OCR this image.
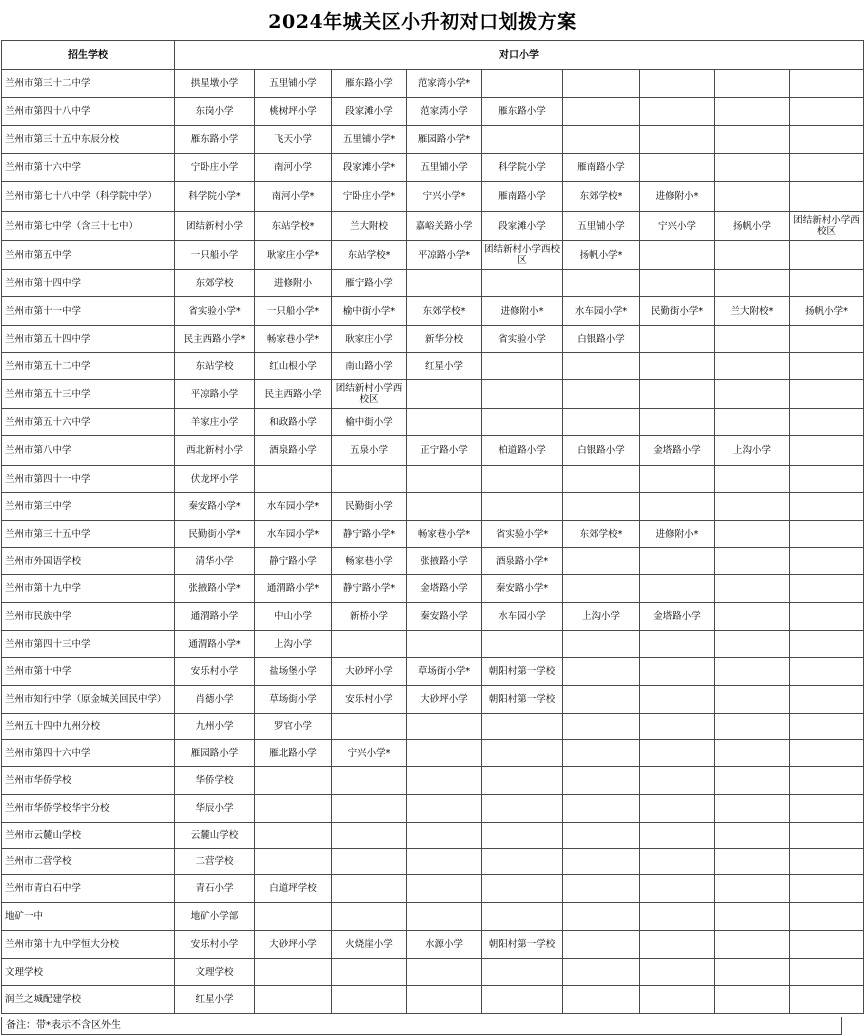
2024年城关区小升初对口划拨方案
招生学校	对口小学								
兰州市第三十二中学	拱星墩小学	五里铺小学	雁东路小学	范家湾小学*					
兰州市第四十八中学	东岗小学	桃树坪小学	段家滩小学	范家湾小学	雁东路小学				
兰州市第三十五中东辰分校	雁东路小学	飞天小学	五里铺小学*	雁园路小学*					
兰州市第十六中学	宁卧庄小学	南河小学	段家滩小学*	五里铺小学	科学院小学	雁南路小学			
兰州市第七十八中学（科学院中学）	科学院小学*	南河小学*	宁卧庄小学*	宁兴小学*	雁南路小学	东郊学校*	进修附小*		
兰州市第七中学（含三十七中）	团结新村小学	东站学校*	兰大附校	嘉峪关路小学	段家滩小学	五里铺小学	宁兴小学	扬帆小学	团结新村小学西校区
兰州市第五中学	一只船小学	耿家庄小学*	东站学校*	平凉路小学*	团结新村小学西校区	扬帆小学*			
兰州市第十四中学	东郊学校	进修附小	雁宁路小学						
兰州市第十一中学	省实验小学*	一只船小学*	榆中街小学*	东郊学校*	进修附小*	水车园小学*	民勤街小学*	兰大附校*	扬帆小学*
兰州市第五十四中学	民主西路小学*	畅家巷小学*	耿家庄小学	新华分校	省实验小学	白银路小学			
兰州市第五十二中学	东站学校	红山根小学	南山路小学	红星小学					
兰州市第五十三中学	平凉路小学	民主西路小学	团结新村小学西校区						
兰州市第五十六中学	羊家庄小学	和政路小学	榆中街小学						
兰州市第八中学	西北新村小学	酒泉路小学	五泉小学	正宁路小学	柏道路小学	白银路小学	金塔路小学	上沟小学	
兰州市第四十一中学	伏龙坪小学								
兰州市第三中学	秦安路小学*	水车园小学*	民勤街小学						
兰州市第三十五中学	民勤街小学*	水车园小学*	静宁路小学*	畅家巷小学*	省实验小学*	东郊学校*	进修附小*		
兰州市外国语学校	清华小学	静宁路小学	畅家巷小学	张掖路小学	酒泉路小学*				
兰州市第十九中学	张掖路小学*	通渭路小学*	静宁路小学*	金塔路小学	秦安路小学*				
兰州市民族中学	通渭路小学	中山小学	新桥小学	秦安路小学	水车园小学	上沟小学	金塔路小学		
兰州市第四十三中学	通渭路小学*	上沟小学							
兰州市第十中学	安乐村小学	盐场堡小学	大砂坪小学	草场街小学*	朝阳村第一学校				
兰州市知行中学（原金城关回民中学）	肖德小学	草场街小学	安乐村小学	大砂坪小学	朝阳村第一学校				
兰州五十四中九州分校	九州小学	罗官小学							
兰州市第四十六中学	雁园路小学	雁北路小学	宁兴小学*						
兰州市华侨学校	华侨学校								
兰州市华侨学校华宇分校	华辰小学								
兰州市云麓山学校	云麓山学校								
兰州市二营学校	二营学校								
兰州市青白石中学	青石小学	白道坪学校							
地矿一中	地矿小学部								
兰州市第十九中学恒大分校	安乐村小学	大砂坪小学	火烧崖小学	水源小学	朝阳村第一学校				
文理学校	文理学校								
润兰之城配建学校	红星小学								
备注：带*表示不含区外生
